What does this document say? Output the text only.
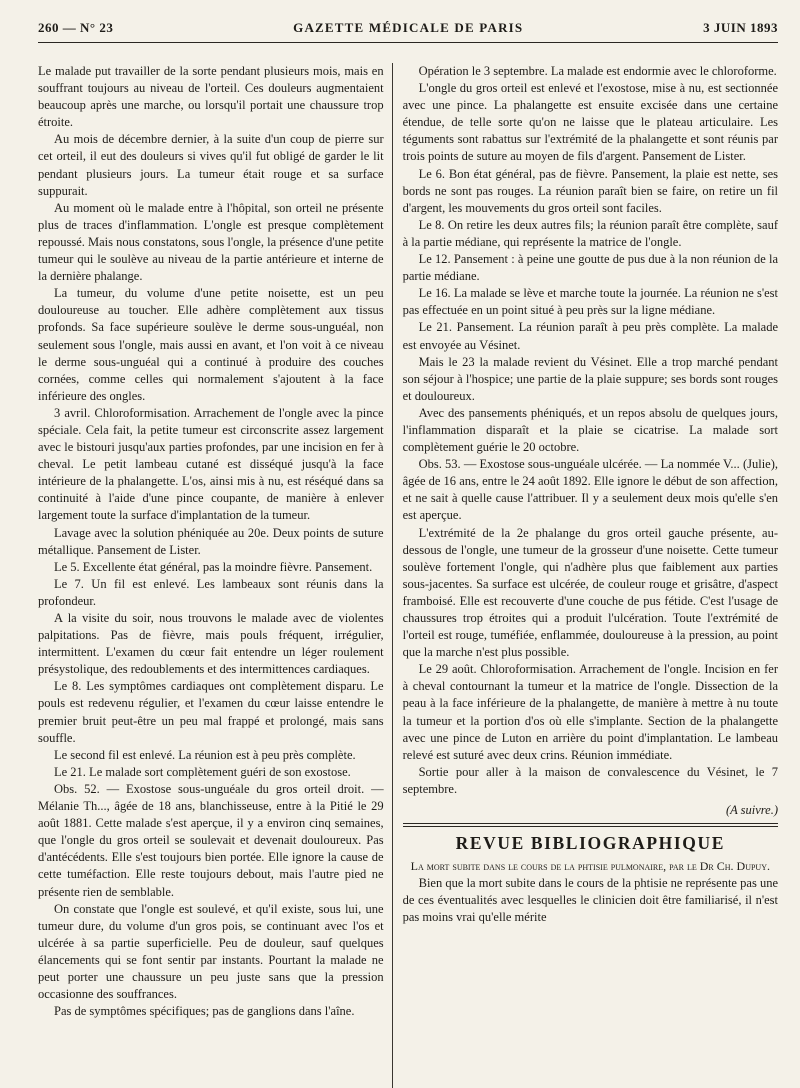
260 — N° 23	GAZETTE MÉDICALE DE PARIS	3 JUIN 1893

Le malade put travailler de la sorte pendant plusieurs mois, mais en souffrant toujours au niveau de l'orteil. Ces douleurs augmentaient beaucoup après une marche, ou lorsqu'il portait une chaussure trop étroite.

Au mois de décembre dernier, à la suite d'un coup de pierre sur cet orteil, il eut des douleurs si vives qu'il fut obligé de garder le lit pendant plusieurs jours. La tumeur était rouge et sa surface suppurait.

Au moment où le malade entre à l'hôpital, son orteil ne présente plus de traces d'inflammation. L'ongle est presque complètement repoussé. Mais nous constatons, sous l'ongle, la présence d'une petite tumeur qui le soulève au niveau de la partie antérieure et interne de la dernière phalange.

La tumeur, du volume d'une petite noisette, est un peu douloureuse au toucher. Elle adhère complètement aux tissus profonds. Sa face supérieure soulève le derme sous-unguéal, non seulement sous l'ongle, mais aussi en avant, et l'on voit à ce niveau le derme sous-unguéal qui a continué à produire des couches cornées, comme celles qui normalement s'ajoutent à la face inférieure des ongles.

3 avril. Chloroformisation. Arrachement de l'ongle avec la pince spéciale. Cela fait, la petite tumeur est circonscrite assez largement avec le bistouri jusqu'aux parties profondes, par une incision en fer à cheval. Le petit lambeau cutané est disséqué jusqu'à la face intérieure de la phalangette. L'os, ainsi mis à nu, est réséqué dans sa continuité à l'aide d'une pince coupante, de manière à enlever largement toute la surface d'implantation de la tumeur.

Lavage avec la solution phéniquée au 20e. Deux points de suture métallique. Pansement de Lister.

Le 5. Excellente état général, pas la moindre fièvre. Pansement.

Le 7. Un fil est enlevé. Les lambeaux sont réunis dans la profondeur.

A la visite du soir, nous trouvons le malade avec de violentes palpitations. Pas de fièvre, mais pouls fréquent, irrégulier, intermittent. L'examen du cœur fait entendre un léger roulement présystolique, des redoublements et des intermittences cardiaques.

Le 8. Les symptômes cardiaques ont complètement disparu. Le pouls est redevenu régulier, et l'examen du cœur laisse entendre le premier bruit peut-être un peu mal frappé et prolongé, mais sans souffle.

Le second fil est enlevé. La réunion est à peu près complète.

Le 21. Le malade sort complètement guéri de son exostose.

Obs. 52. — Exostose sous-unguéale du gros orteil droit. — Mélanie Th..., âgée de 18 ans, blanchisseuse, entre à la Pitié le 29 août 1881. Cette malade s'est aperçue, il y a environ cinq semaines, que l'ongle du gros orteil se soulevait et devenait douloureux. Pas d'antécédents. Elle s'est toujours bien portée. Elle ignore la cause de cette tuméfaction. Elle reste toujours debout, mais l'autre pied ne présente rien de semblable.

On constate que l'ongle est soulevé, et qu'il existe, sous lui, une tumeur dure, du volume d'un gros pois, se continuant avec l'os et ulcérée à sa partie superficielle. Peu de douleur, sauf quelques élancements qui se font sentir par instants. Pourtant la malade ne peut porter une chaussure un peu juste sans que la pression occasionne des souffrances.

Pas de symptômes spécifiques; pas de ganglions dans l'aîne.

Opération le 3 septembre. La malade est endormie avec le chloroforme.

L'ongle du gros orteil est enlevé et l'exostose, mise à nu, est sectionnée avec une pince. La phalangette est ensuite excisée dans une certaine étendue, de telle sorte qu'on ne laisse que le plateau articulaire. Les téguments sont rabattus sur l'extrémité de la phalangette et sont réunis par trois points de suture au moyen de fils d'argent. Pansement de Lister.

Le 6. Bon état général, pas de fièvre. Pansement, la plaie est nette, ses bords ne sont pas rouges. La réunion paraît bien se faire, on retire un fil d'argent, les mouvements du gros orteil sont faciles.

Le 8. On retire les deux autres fils; la réunion paraît être complète, sauf à la partie médiane, qui représente la matrice de l'ongle.

Le 12. Pansement : à peine une goutte de pus due à la non réunion de la partie médiane.

Le 16. La malade se lève et marche toute la journée. La réunion ne s'est pas effectuée en un point situé à peu près sur la ligne médiane.

Le 21. Pansement. La réunion paraît à peu près complète. La malade est envoyée au Vésinet.

Mais le 23 la malade revient du Vésinet. Elle a trop marché pendant son séjour à l'hospice; une partie de la plaie suppure; ses bords sont rouges et douloureux.

Avec des pansements phéniqués, et un repos absolu de quelques jours, l'inflammation disparaît et la plaie se cicatrise. La malade sort complètement guérie le 20 octobre.

Obs. 53. — Exostose sous-unguéale ulcérée. — La nommée V... (Julie), âgée de 16 ans, entre le 24 août 1892. Elle ignore le début de son affection, et ne sait à quelle cause l'attribuer. Il y a seulement deux mois qu'elle s'en est aperçue.

L'extrémité de la 2e phalange du gros orteil gauche présente, au-dessous de l'ongle, une tumeur de la grosseur d'une noisette. Cette tumeur soulève fortement l'ongle, qui n'adhère plus que faiblement aux parties sous-jacentes. Sa surface est ulcérée, de couleur rouge et grisâtre, d'aspect framboisé. Elle est recouverte d'une couche de pus fétide. C'est l'usage de chaussures trop étroites qui a produit l'ulcération. Toute l'extrémité de l'orteil est rouge, tuméfiée, enflammée, douloureuse à la pression, au point que la marche n'est plus possible.

Le 29 août. Chloroformisation. Arrachement de l'ongle. Incision en fer à cheval contournant la tumeur et la matrice de l'ongle. Dissection de la peau à la face inférieure de la phalangette, de manière à mettre à nu toute la tumeur et la portion d'os où elle s'implante. Section de la phalangette avec une pince de Luton en arrière du point d'implantation. Le lambeau relevé est suturé avec deux crins. Réunion immédiate.

Sortie pour aller à la maison de convalescence du Vésinet, le 7 septembre.

(A suivre.)
REVUE BIBLIOGRAPHIQUE
La mort subite dans le cours de la phtisie pulmonaire, par le Dr Ch. Dupuy.

Bien que la mort subite dans le cours de la phtisie ne représente pas une de ces éventualités avec lesquelles le clinicien doit être familiarisé, il n'est pas moins vrai qu'elle mérite
